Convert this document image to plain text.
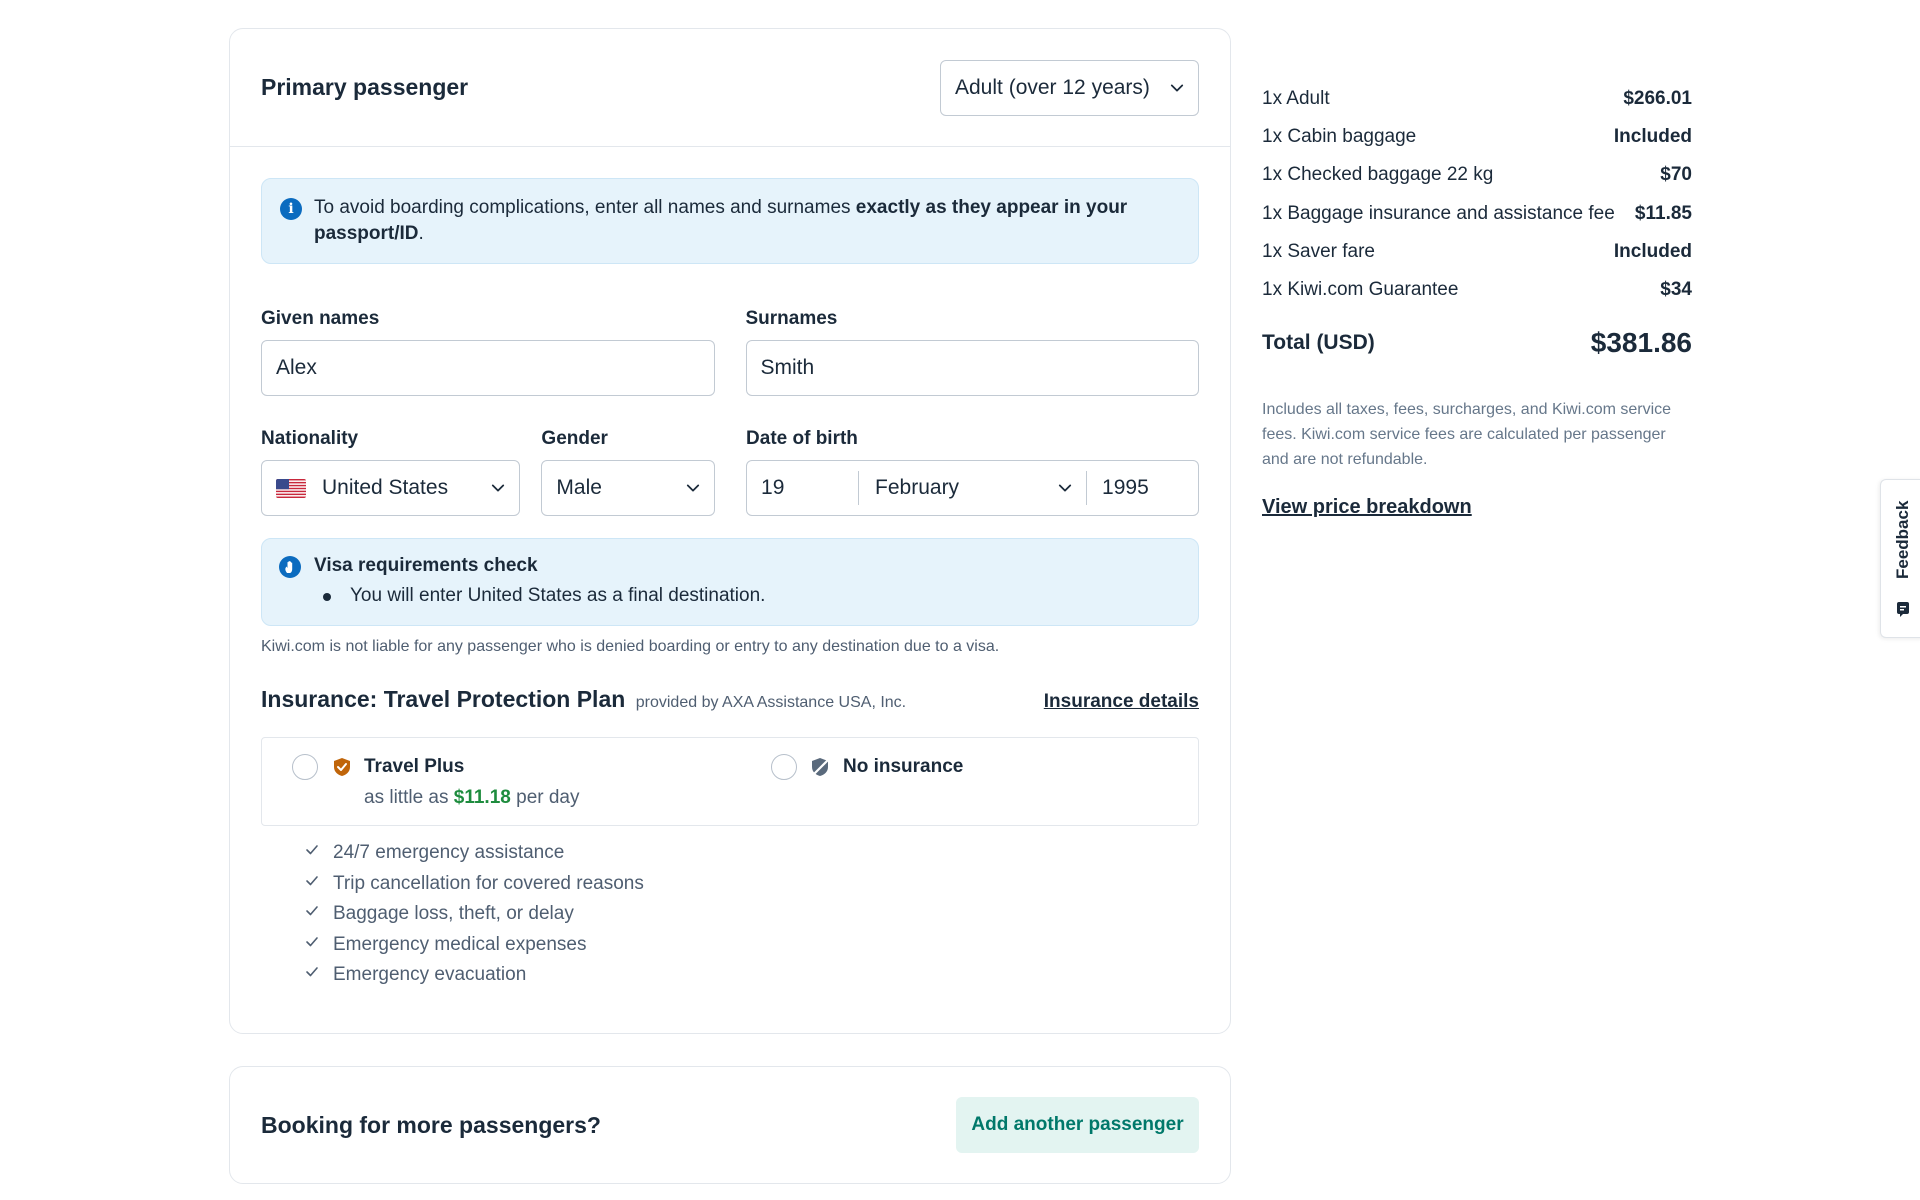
Primary passenger	Adult (over 12 years)
i	To avoid boarding complications, enter all names and surnames exactly as they appear in your passport/ID.
Given names
Alex
Surnames
Smith
Nationality
United States
Gender
Male
Date of birth
19	February	1995
Visa requirements check
You will enter United States as a final destination.

Kiwi.com is not liable for any passenger who is denied boarding or entry to any destination due to a visa.

Insurance: Travel Protection Plan provided by AXA Assistance USA, Inc.	Insurance details
Travel Plus
as little as $11.18 per day
No insurance
24/7 emergency assistance
Trip cancellation for covered reasons
Baggage loss, theft, or delay
Emergency medical expenses
Emergency evacuation
Booking for more passengers?	Add another passenger
1x Adult	$266.01
1x Cabin baggage	Included
1x Checked baggage 22 kg	$70
1x Baggage insurance and assistance fee $11.85
1x Saver fare	Included
1x Kiwi.com Guarantee	$34
Total (USD)	$381.86

Includes all taxes, fees, surcharges, and Kiwi.com service fees. Kiwi.com service fees are calculated per passenger and are not refundable.

View price breakdown	Feedback
